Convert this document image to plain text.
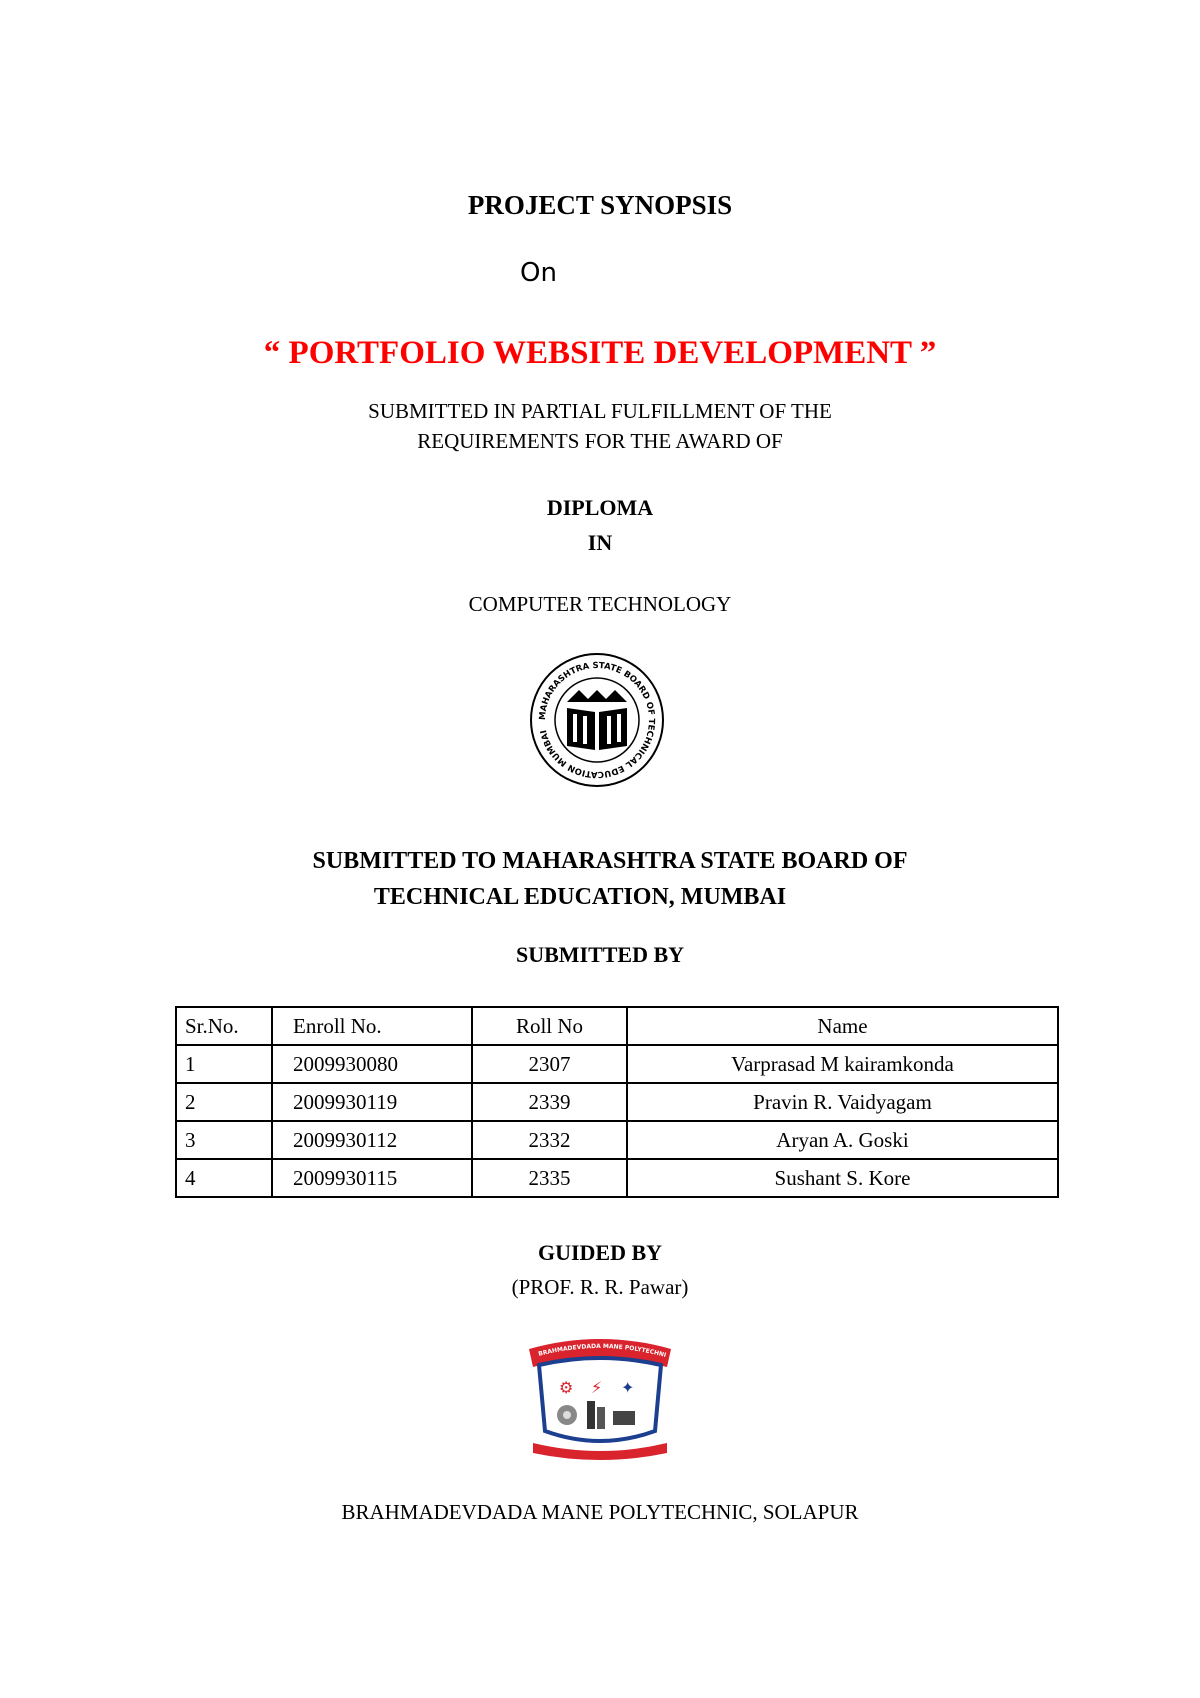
PROJECT SYNOPSIS
On
“ PORTFOLIO WEBSITE DEVELOPMENT ”
SUBMITTED IN PARTIAL FULFILLMENT OF THE
REQUIREMENTS FOR THE AWARD OF
DIPLOMA
IN
COMPUTER TECHNOLOGY
MAHARASHTRA STATE BOARD OF TECHNICAL EDUCATION MUMBAI
SUBMITTED TO MAHARASHTRA STATE BOARD OF
TECHNICAL EDUCATION, MUMBAI
SUBMITTED BY
Sr.No.	Enroll No.	Roll No	Name
1	2009930080	2307	Varprasad M kairamkonda
2	2009930119	2339	Pravin R. Vaidyagam
3	2009930112	2332	Aryan A. Goski
4	2009930115	2335	Sushant S. Kore
GUIDED BY
(PROF. R. R. Pawar)
BRAHMADEVDADA MANE POLYTECHNI
⚙ ⚡ ✦
BRAHMADEVDADA MANE POLYTECHNIC, SOLAPUR
